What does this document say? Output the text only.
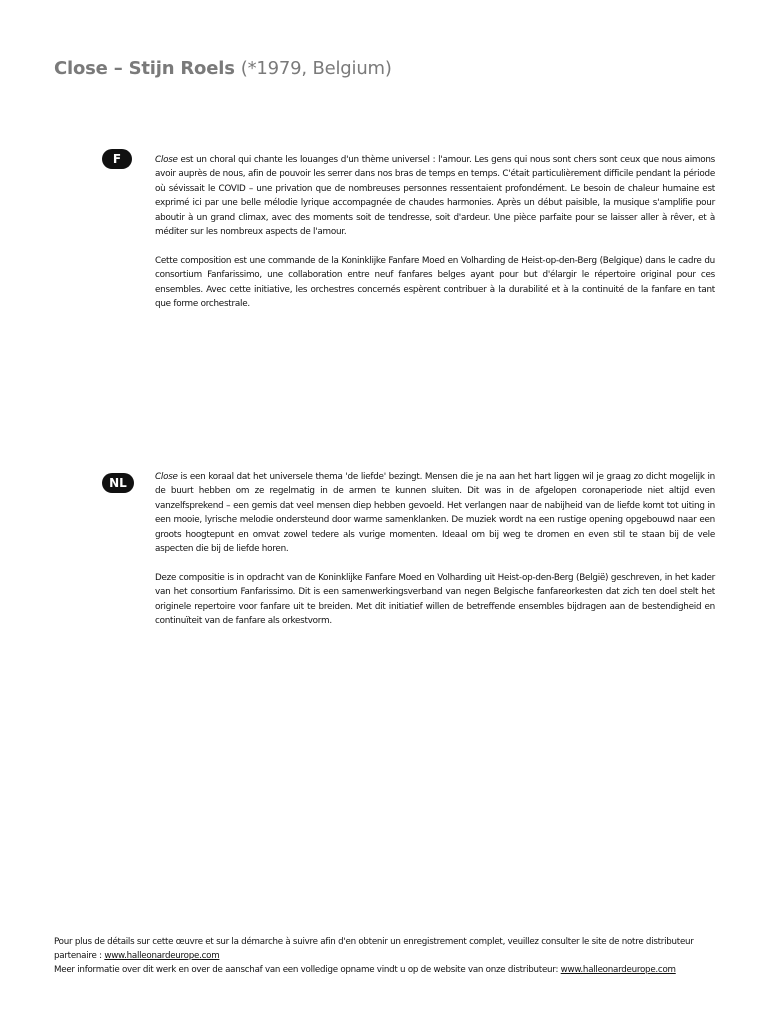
Close – Stijn Roels (*1979, Belgium)
F	Close est un choral qui chante les louanges d'un thème universel : l'amour. Les gens qui nous sont chers sont ceux que nous aimons avoir auprès de nous, afin de pouvoir les serrer dans nos bras de temps en temps. C'était particulièrement difficile pendant la période où sévissait le COVID – une privation que de nombreuses personnes ressentaient profondément. Le besoin de chaleur humaine est exprimé ici par une belle mélodie lyrique accompagnée de chaudes harmonies. Après un début paisible, la musique s'amplifie pour aboutir à un grand climax, avec des moments soit de tendresse, soit d'ardeur. Une pièce parfaite pour se laisser aller à rêver, et à méditer sur les nombreux aspects de l'amour.

Cette composition est une commande de la Koninklijke Fanfare Moed en Volharding de Heist-op-den-Berg (Belgique) dans le cadre du consortium Fanfarissimo, une collaboration entre neuf fanfares belges ayant pour but d'élargir le répertoire original pour ces ensembles. Avec cette initiative, les orchestres concernés espèrent contribuer à la durabilité et à la continuité de la fanfare en tant que forme orchestrale.

NL	Close is een koraal dat het universele thema 'de liefde' bezingt. Mensen die je na aan het hart liggen wil je graag zo dicht mogelijk in de buurt hebben om ze regelmatig in de armen te kunnen sluiten. Dit was in de afgelopen coronaperiode niet altijd even vanzelfsprekend – een gemis dat veel mensen diep hebben gevoeld. Het verlangen naar de nabijheid van de liefde komt tot uiting in een mooie, lyrische melodie ondersteund door warme samenklanken. De muziek wordt na een rustige opening opgebouwd naar een groots hoogtepunt en omvat zowel tedere als vurige momenten. Ideaal om bij weg te dromen en even stil te staan bij de vele aspecten die bij de liefde horen.

Deze compositie is in opdracht van de Koninklijke Fanfare Moed en Volharding uit Heist-op-den-Berg (België) geschreven, in het kader van het consortium Fanfarissimo. Dit is een samenwerkingsverband van negen Belgische fanfareorkesten dat zich ten doel stelt het originele repertoire voor fanfare uit te breiden. Met dit initiatief willen de betreffende ensembles bijdragen aan de bestendigheid en continuïteit van de fanfare als orkestvorm.

Pour plus de détails sur cette œuvre et sur la démarche à suivre afin d'en obtenir un enregistrement complet, veuillez consulter le site de notre distributeur partenaire : www.halleonardeurope.com

Meer informatie over dit werk en over de aanschaf van een volledige opname vindt u op de website van onze distributeur: www.halleonardeurope.com
